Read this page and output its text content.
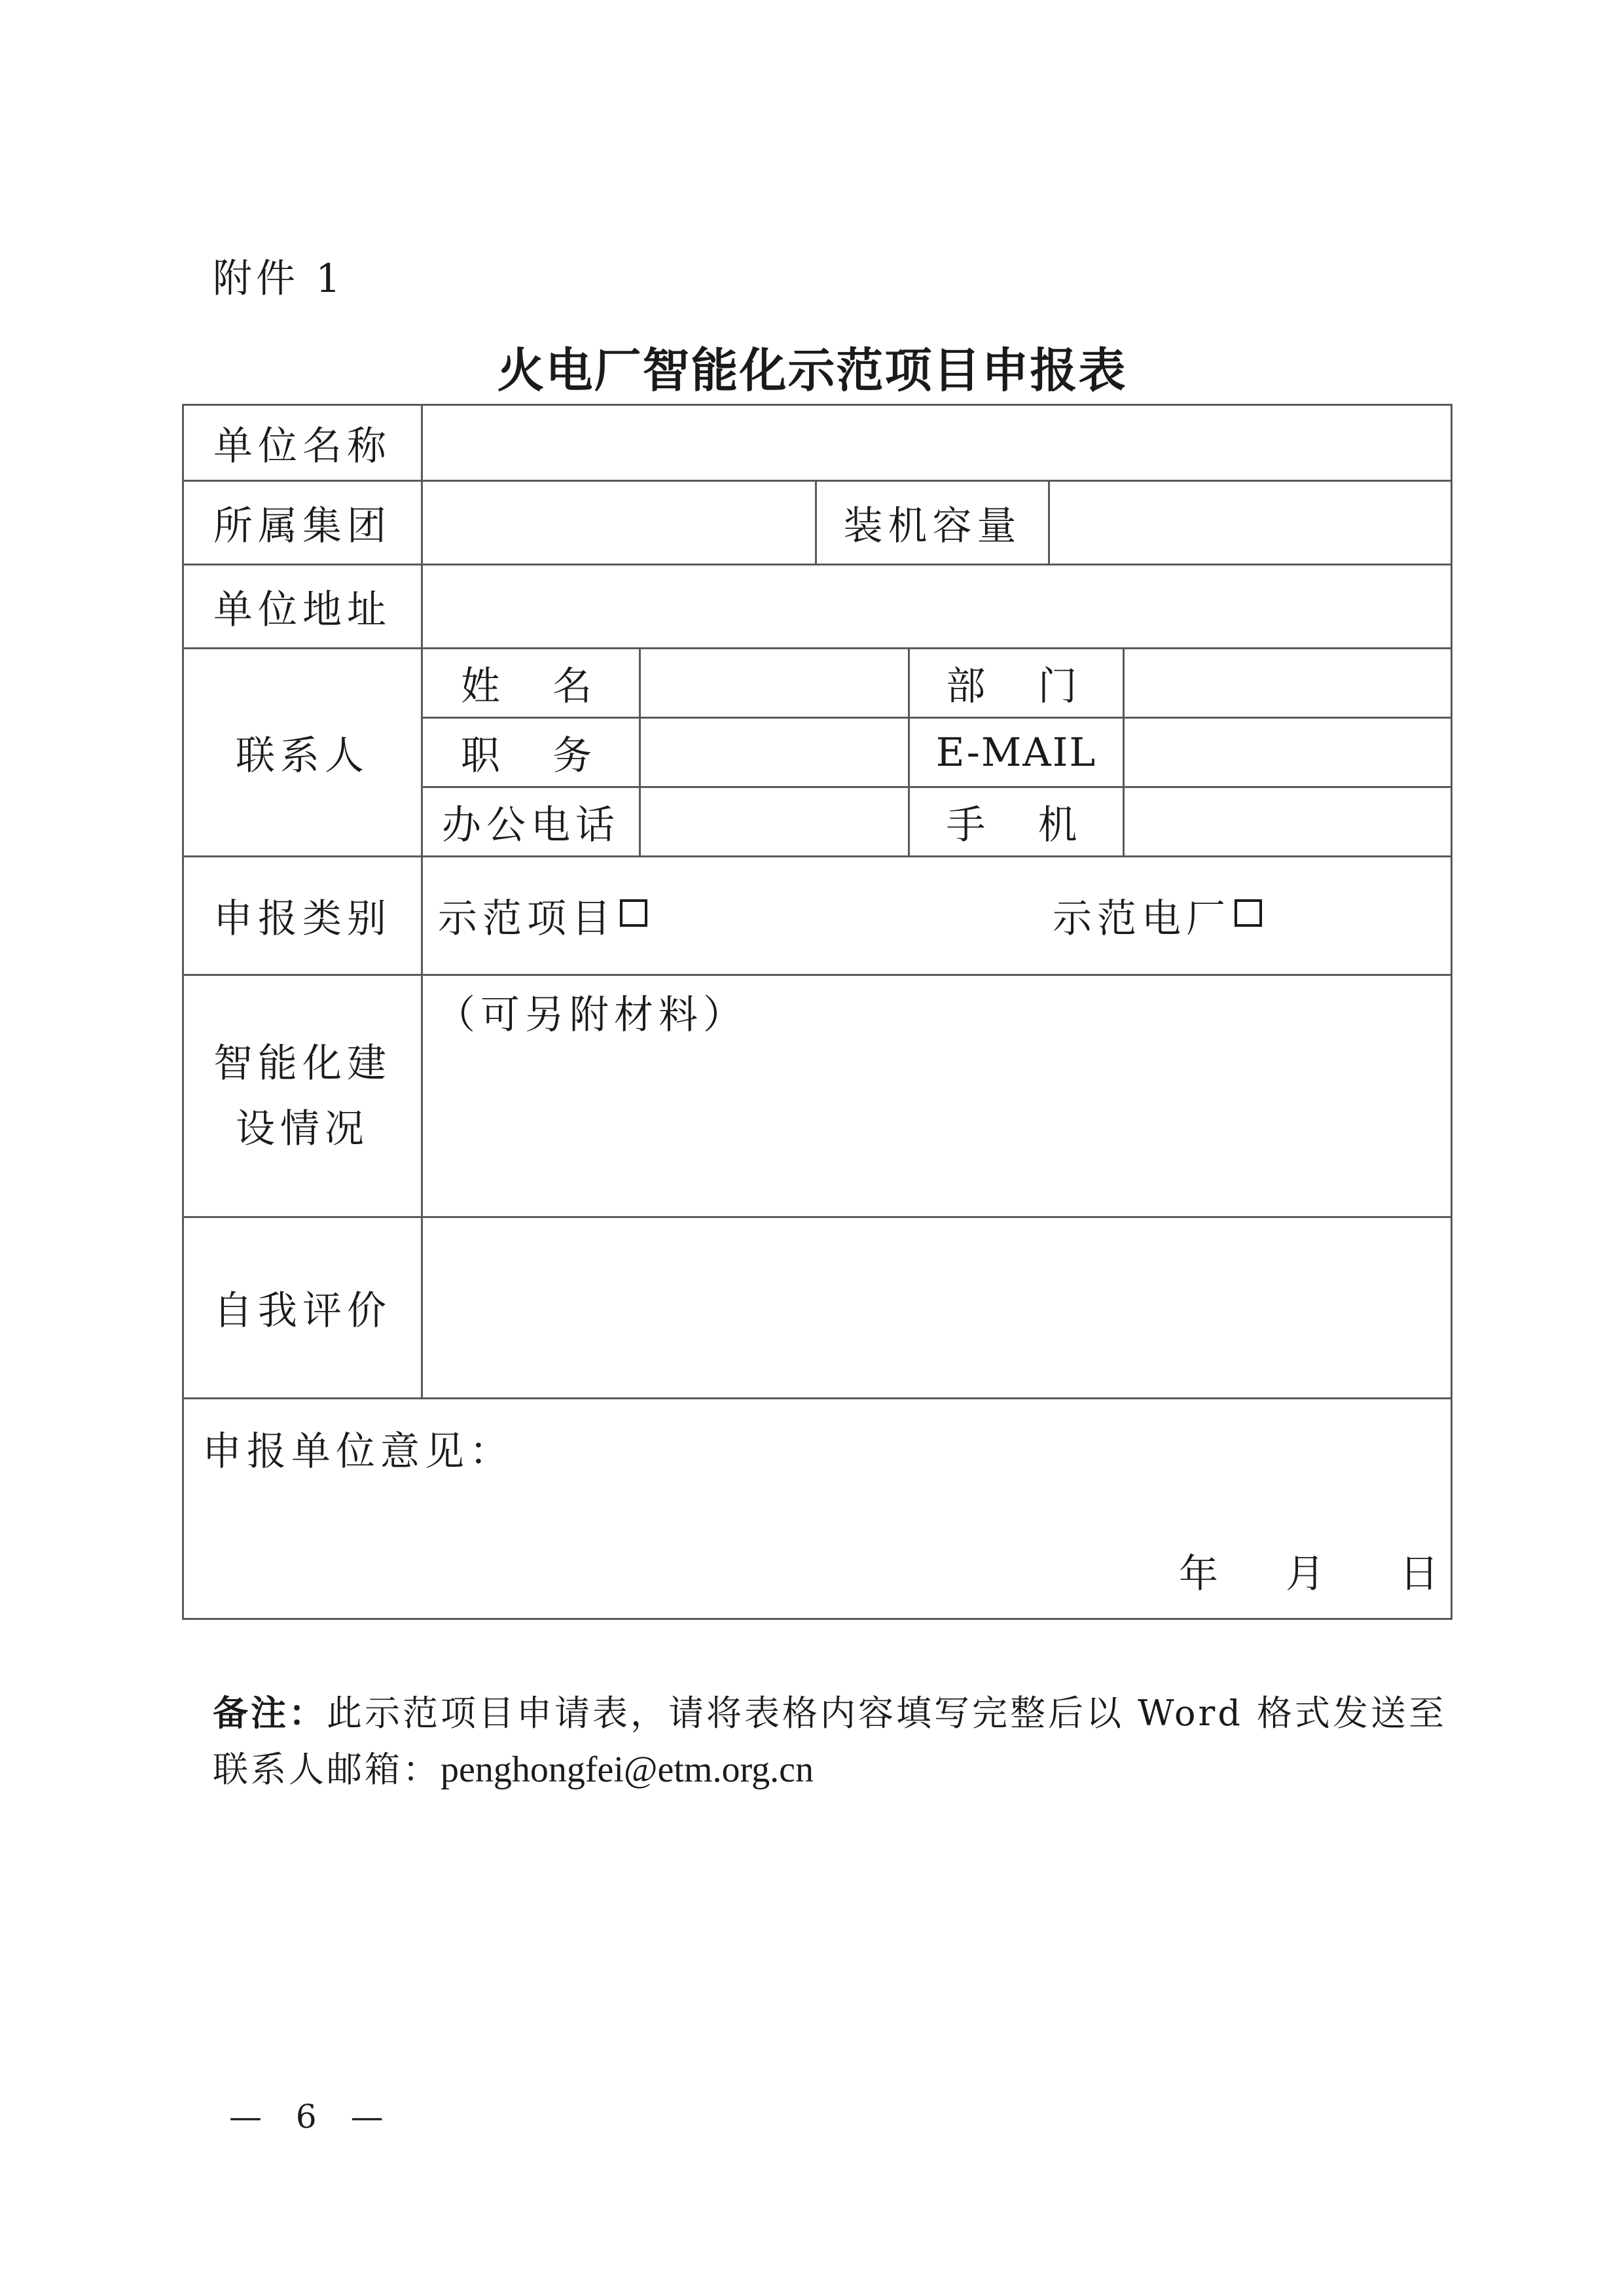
附件 1
火电厂智能化示范项目申报表
单位名称
所属集团	装机容量
单位地址
联系人
姓  名	部  门
职  务	E-MAIL
办公电话	手  机
申报类别	示范项目	示范电厂
智能化建
设情况
（可另附材料）
自我评价
申报单位意见：
年 月 日
备注：此示范项目申请表，请将表格内容填写完整后以 Word 格式发送至联系人邮箱：penghongfei@etm.org.cn
— 6 —
